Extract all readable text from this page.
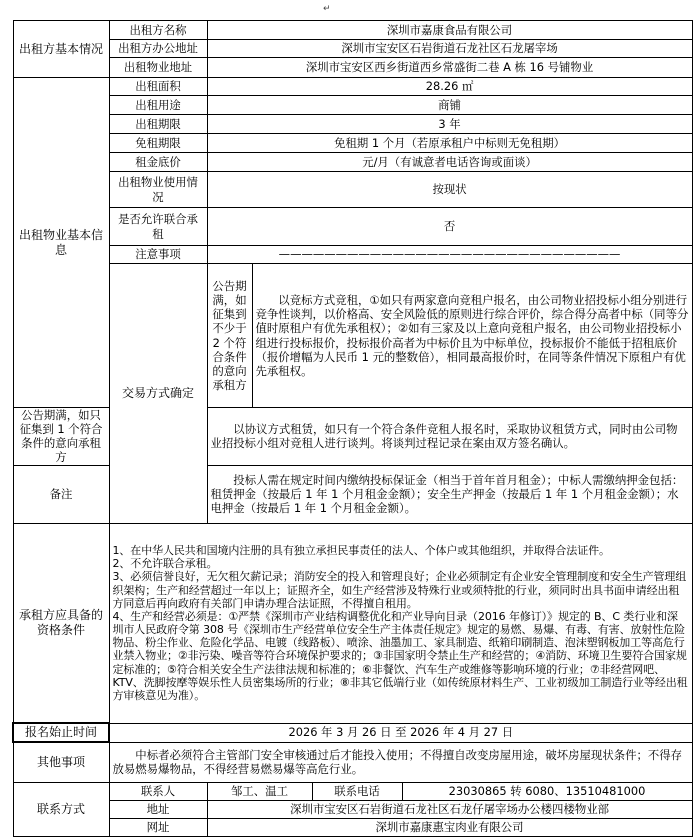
↵
出租方基本情况	出租方名称	深圳市嘉康食品有限公司			
	出租方办公地址	深圳市宝安区石岩街道石龙社区石龙屠宰场			
	出租物业地址	深圳市宝安区西乡街道西乡常盛街二巷 A 栋 16 号铺物业			
出租物业基本信息	出租面积	28.26 ㎡			
	出租用途	商铺			
	出租期限	3 年			
	免租期限	免租期 1 个月（若原承租户中标则无免租期）			
	租金底价	元/月（有诚意者电话咨询或面谈）			
	出租物业使用情况	按现状			
	是否允许联合承租	否			
	注意事项	——————————————————————————————			
	交易方式确定	公告期满，如征集到不少于 2 个符合条件的意向承租方	以竞标方式竞租，①如只有两家意向竞租户报名，由公司物业招投标小组分别进行竞争性谈判，以价格高、安全风险低的原则进行综合评价，综合得分高者中标（同等分值时原租户有优先承租权）；②如有三家及以上意向竞租户报名，由公司物业招投标小组进行投标报价，投标报价高者为中标价且为中标单位，投标报价不能低于招租底价（报价增幅为人民币 1 元的整数倍），相同最高报价时，在同等条件情况下原租户有优先承租权。		
公告期满，如只征集到 1 个符合条件的意向承租方		以协议方式租赁，如只有一个符合条件竞租人报名时，采取协议租赁方式，同时由公司物业招投标小组对竞租人进行谈判。将谈判过程记录在案由双方签名确认。			
备注		投标人需在规定时间内缴纳投标保证金（相当于首年首月租金）；中标人需缴纳押金包括：租赁押金（按最后 1 年 1 个月租金金额）；安全生产押金（按最后 1 年 1 个月租金金额）；水电押金（按最后 1 年 1 个月租金金额）。			
承租方应具备的资格条件	1、在中华人民共和国境内注册的具有独立承担民事责任的法人、个体户或其他组织，并取得合法证件。

2、不允许联合承租。

3、必须信誉良好，无欠租欠薪记录；消防安全的投入和管理良好；企业必须制定有企业安全管理制度和安全生产管理组织架构；生产和经营超过一年以上；证照齐全，如生产经营涉及特殊行业或须特批的行业，须同时出具书面申请经出租方同意后再向政府有关部门申请办理合法证照，不得擅自租用。

4、生产和经营必须是：①严禁《深圳市产业结构调整优化和产业导向目录（2016 年修订）》规定的 B、C 类行业和深圳市人民政府令第 308 号《深圳市生产经营单位安全生产主体责任规定》规定的易燃、易爆、有毒、有害、放射性危险物品、粉尘作业、危险化学品、电镀（线路板）、喷涂、油墨加工、家具制造、纸箱印刷制造、泡沫塑钢板加工等高危行业禁入物业；②非污染、噪音等符合环境保护要求的；③非国家明令禁止生产和经营的；④消防、环境卫生要符合国家规定标准的；⑤符合相关安全生产法律法规和标准的；⑥非餐饮、汽车生产或维修等影响环境的行业；⑦非经营网吧、KTV、洗脚按摩等娱乐性人员密集场所的行业；⑧非其它低端行业（如传统原材料生产、工业初级加工制造行业等经出租方审核意见为准）。				

报名始止时间	2026 年 3 月 26 日 至 2026 年 4 月 27 日				
其他事项	中标者必须符合主管部门安全审核通过后才能投入使用；不得擅自改变房屋用途，破坏房屋现状条件；不得存放易燃易爆物品，不得经营易燃易爆等高危行业。				
联系方式	联系人	邹工、温工		联系电话	23030865 转 6080、13510481000
	地址	深圳市宝安区石岩街道石龙社区石龙仔屠宰场办公楼四楼物业部			
	网址	深圳市嘉康惠宝肉业有限公司			
